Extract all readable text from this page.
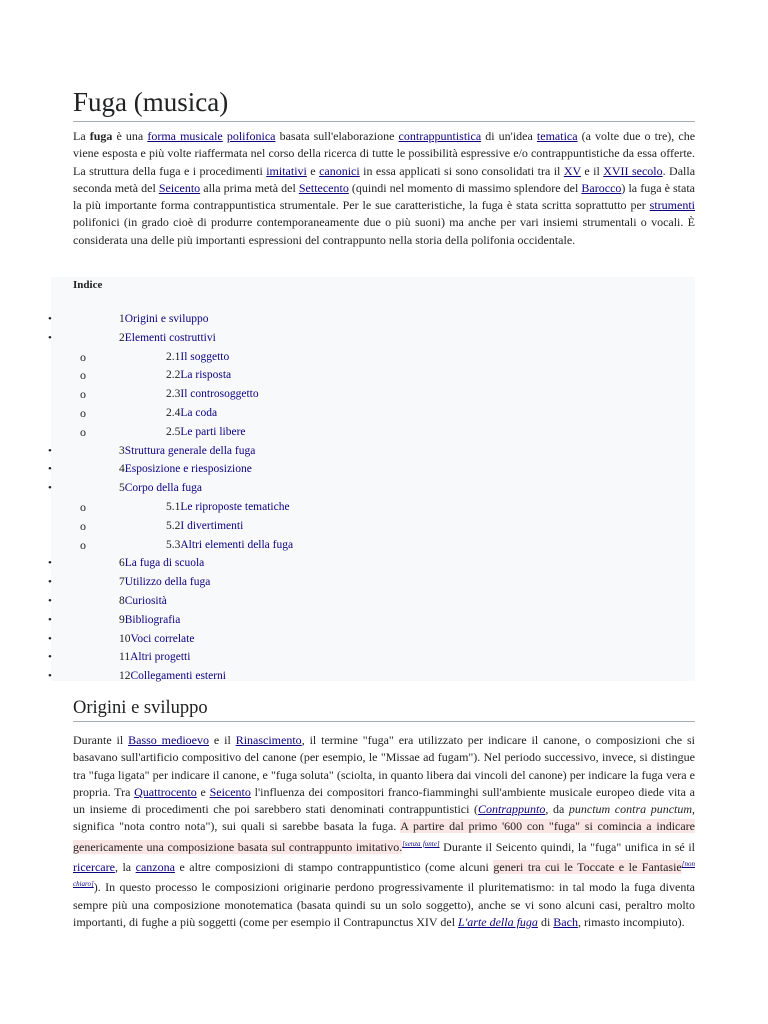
Fuga (musica)

La fuga è una forma musicale polifonica basata sull'elaborazione contrappuntistica di un'idea tematica (a volte due o tre), che viene esposta e più volte riaffermata nel corso della ricerca di tutte le possibilità espressive e/o contrappuntistiche da essa offerte. La struttura della fuga e i procedimenti imitativi e canonici in essa applicati si sono consolidati tra il XV e il XVII secolo. Dalla seconda metà del Seicento alla prima metà del Settecento (quindi nel momento di massimo splendore del Barocco) la fuga è stata la più importante forma contrappuntistica strumentale. Per le sue caratteristiche, la fuga è stata scritta soprattutto per strumenti polifonici (in grado cioè di produrre contemporaneamente due o più suoni) ma anche per vari insiemi strumentali o vocali. È considerata una delle più importanti espressioni del contrappunto nella storia della polifonia occidentale.

Indice
•	1Origini e sviluppo
•	2Elementi costruttivi
o	2.1Il soggetto
o	2.2La risposta
o	2.3Il controsoggetto
o	2.4La coda
o	2.5Le parti libere
•	3Struttura generale della fuga
•	4Esposizione e riesposizione
•	5Corpo della fuga
o	5.1Le riproposte tematiche
o	5.2I divertimenti
o	5.3Altri elementi della fuga
•	6La fuga di scuola
•	7Utilizzo della fuga
•	8Curiosità
•	9Bibliografia
•	10Voci correlate
•	11Altri progetti
•	12Collegamenti esterni
Origini e sviluppo

Durante il Basso medioevo e il Rinascimento, il termine "fuga" era utilizzato per indicare il canone, o composizioni che si basavano sull'artificio compositivo del canone (per esempio, le "Missae ad fugam"). Nel periodo successivo, invece, si distingue tra "fuga ligata" per indicare il canone, e "fuga soluta" (sciolta, in quanto libera dai vincoli del canone) per indicare la fuga vera e propria. Tra Quattrocento e Seicento l'influenza dei compositori franco-fiamminghi sull'ambiente musicale europeo diede vita a un insieme di procedimenti che poi sarebbero stati denominati contrappuntistici (Contrappunto, da punctum contra punctum, significa "nota contro nota"), sui quali si sarebbe basata la fuga. A partire dal primo '600 con "fuga" si comincia a indicare genericamente una composizione basata sul contrappunto imitativo.[senza fonte] Durante il Seicento quindi, la "fuga" unifica in sé il ricercare, la canzona e altre composizioni di stampo contrappuntistico (come alcuni generi tra cui le Toccate e le Fantasie[non chiaro]). In questo processo le composizioni originarie perdono progressivamente il pluritematismo: in tal modo la fuga diventa sempre più una composizione monotematica (basata quindi su un solo soggetto), anche se vi sono alcuni casi, peraltro molto importanti, di fughe a più soggetti (come per esempio il Contrapunctus XIV del L'arte della fuga di Bach, rimasto incompiuto).
